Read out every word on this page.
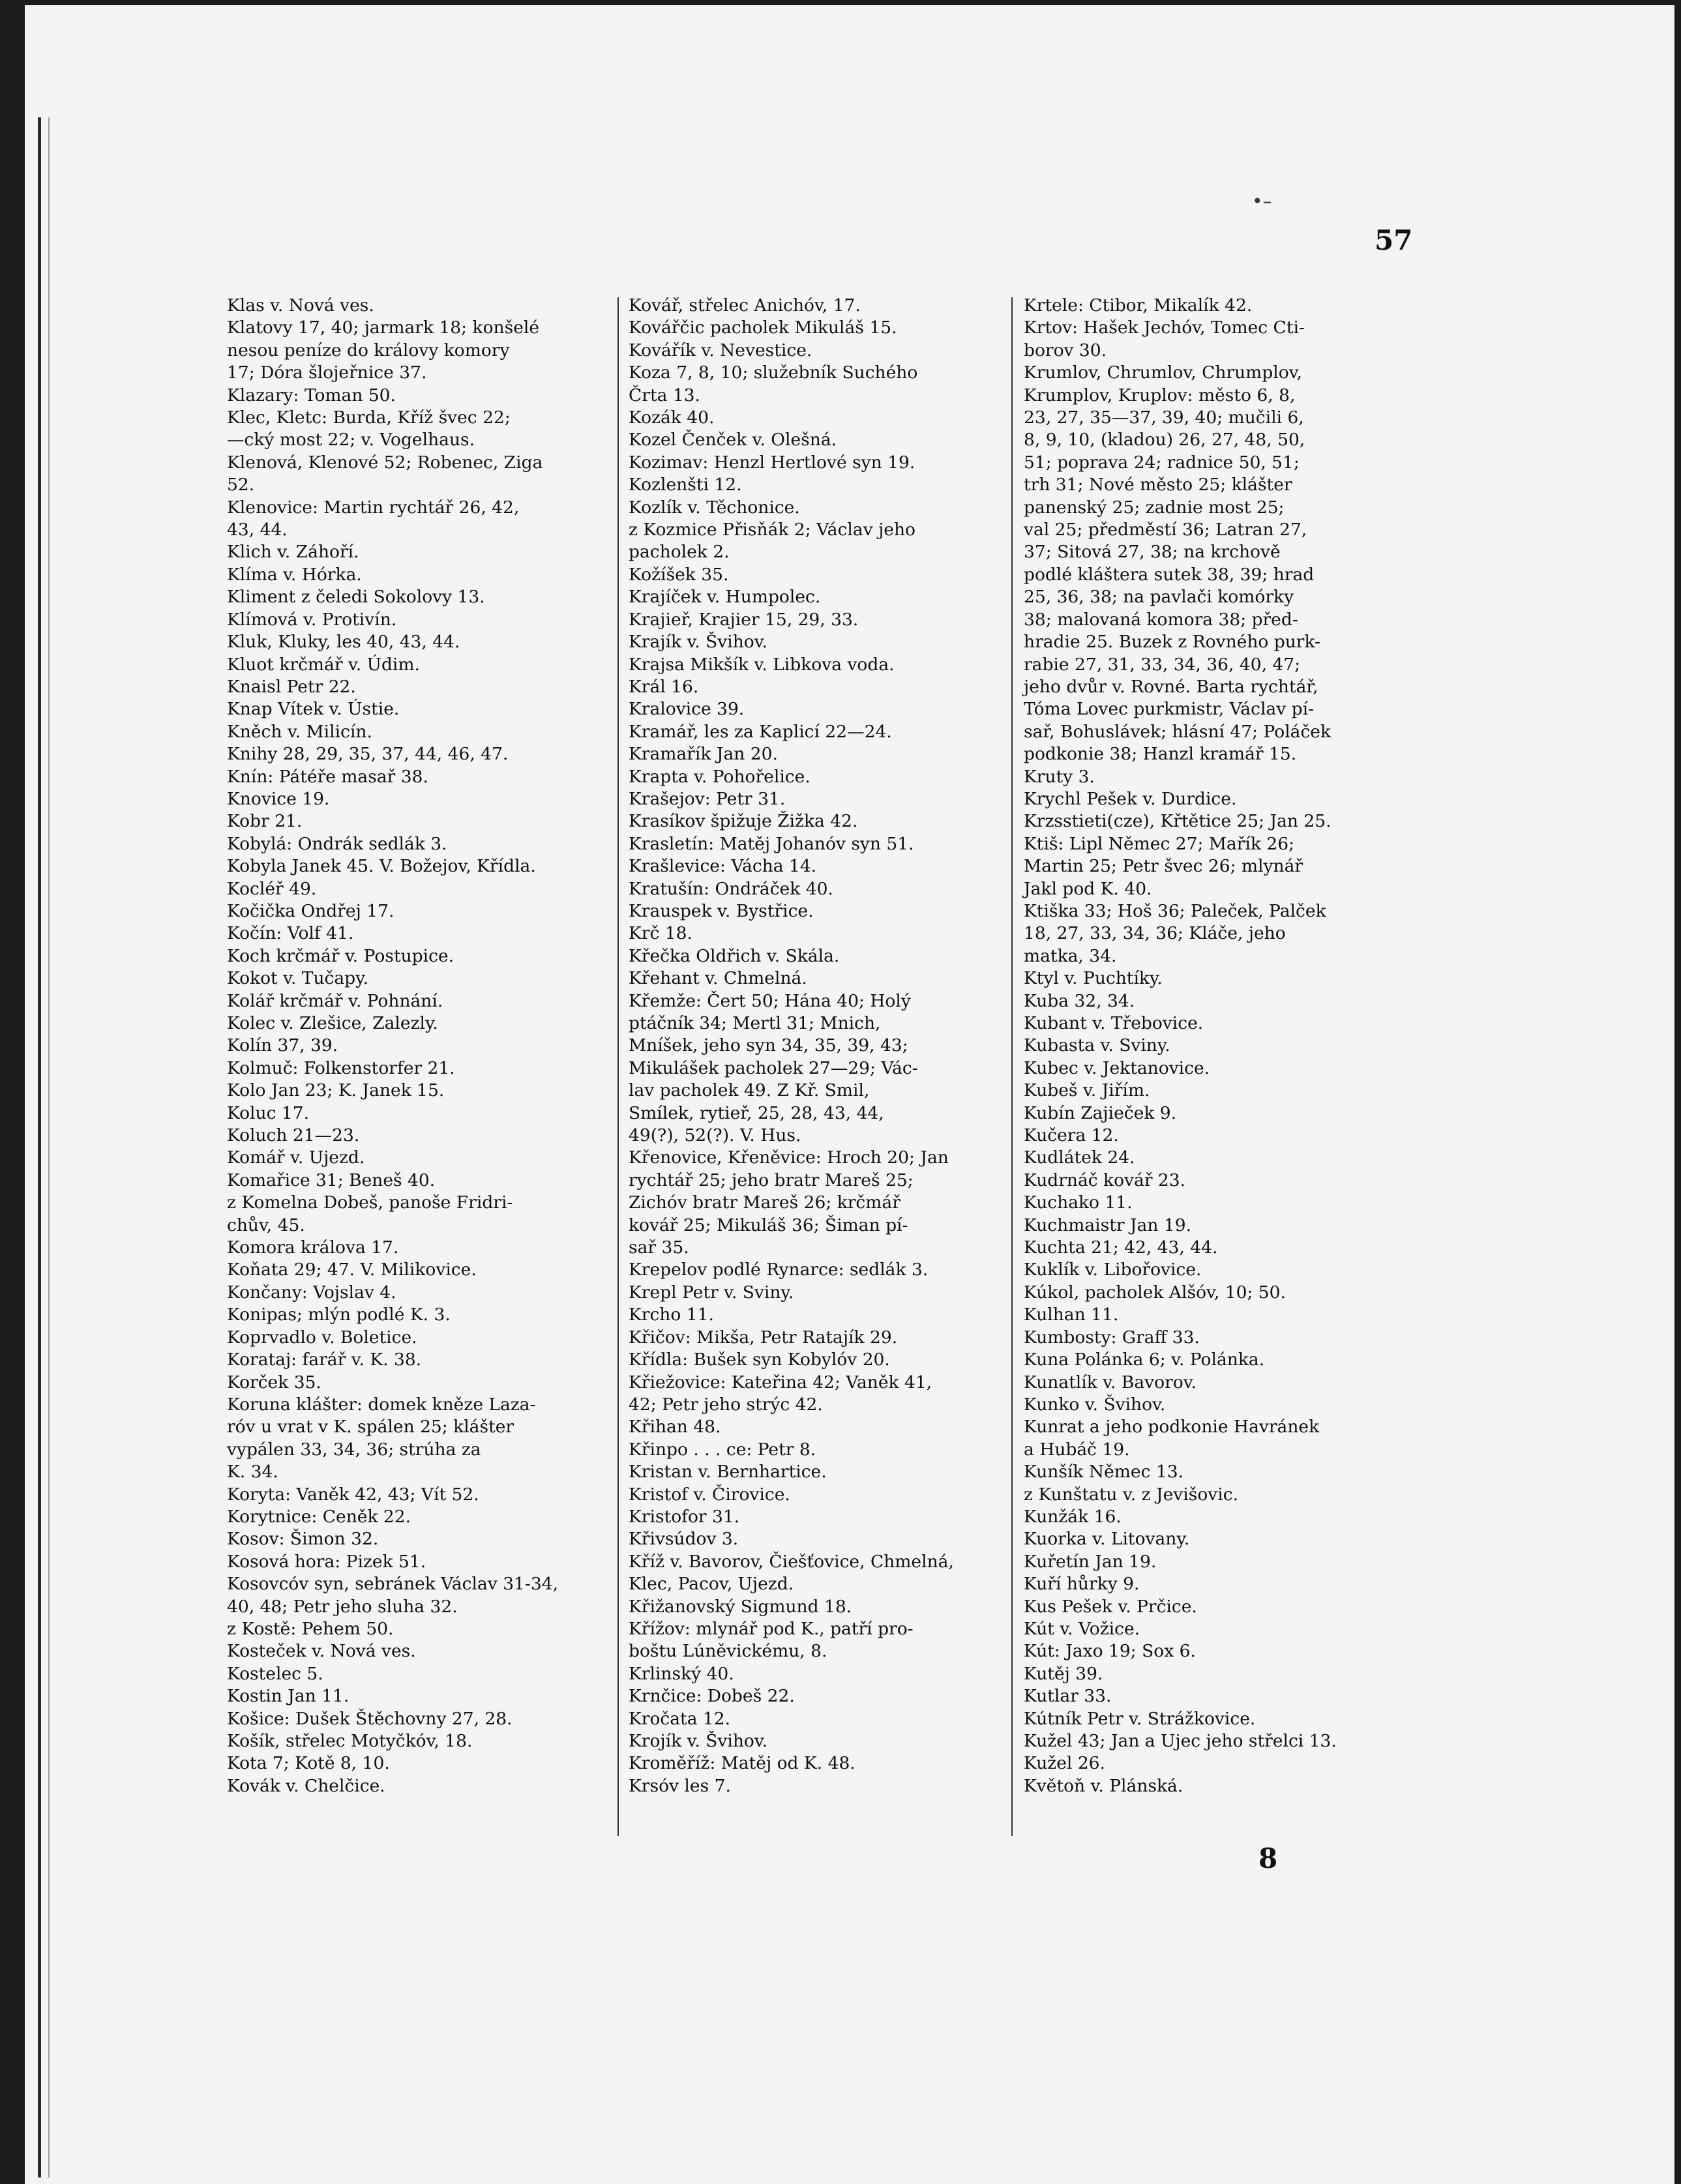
57
•–
Klas v. Nová ves.
Klatovy 17, 40; jarmark 18; konšelé
nesou peníze do královy komory
17; Dóra šlojeřnice 37.
Klazary: Toman 50.
Klec, Kletc: Burda, Kříž švec 22;
—cký most 22; v. Vogelhaus.
Klenová, Klenové 52; Robenec, Ziga
52.
Klenovice: Martin rychtář 26, 42,
43, 44.
Klich v. Záhoří.
Klíma v. Hórka.
Kliment z čeledi Sokolovy 13.
Klímová v. Protivín.
Kluk, Kluky, les 40, 43, 44.
Kluot krčmář v. Údim.
Knaisl Petr 22.
Knap Vítek v. Ústie.
Kněch v. Milicín.
Knihy 28, 29, 35, 37, 44, 46, 47.
Knín: Pátéře masař 38.
Knovice 19.
Kobr 21.
Kobylá: Ondrák sedlák 3.
Kobyla Janek 45. V. Božejov, Křídla.
Kocléř 49.
Kočička Ondřej 17.
Kočín: Volf 41.
Koch krčmář v. Postupice.
Kokot v. Tučapy.
Kolář krčmář v. Pohnání.
Kolec v. Zlešice, Zalezly.
Kolín 37, 39.
Kolmuč: Folkenstorfer 21.
Kolo Jan 23; K. Janek 15.
Koluc 17.
Koluch 21—23.
Komář v. Ujezd.
Komařice 31; Beneš 40.
z Komelna Dobeš, panoše Fridri-
chův, 45.
Komora králova 17.
Koňata 29; 47. V. Milikovice.
Končany: Vojslav 4.
Konipas; mlýn podlé K. 3.
Koprvadlo v. Boletice.
Korataj: farář v. K. 38.
Korček 35.
Koruna klášter: domek kněze Laza-
róv u vrat v K. spálen 25; klášter
vypálen 33, 34, 36; strúha za
K. 34.
Koryta: Vaněk 42, 43; Vít 52.
Korytnice: Ceněk 22.
Kosov: Šimon 32.
Kosová hora: Pizek 51.
Kosovcóv syn, sebránek Václav 31-34,
40, 48; Petr jeho sluha 32.
z Kostě: Pehem 50.
Kosteček v. Nová ves.
Kostelec 5.
Kostin Jan 11.
Košice: Dušek Štěchovny 27, 28.
Košík, střelec Motyčkóv, 18.
Kota 7; Kotě 8, 10.
Kovák v. Chelčice.
Kovář, střelec Anichóv, 17.
Kovářčic pacholek Mikuláš 15.
Kovářík v. Nevestice.
Koza 7, 8, 10; služebník Suchého
Črta 13.
Kozák 40.
Kozel Čenček v. Olešná.
Kozimav: Henzl Hertlové syn 19.
Kozlenšti 12.
Kozlík v. Těchonice.
z Kozmice Přisňák 2; Václav jeho
pacholek 2.
Kožíšek 35.
Krajíček v. Humpolec.
Krajieř, Krajier 15, 29, 33.
Krajík v. Švihov.
Krajsa Mikšík v. Libkova voda.
Král 16.
Kralovice 39.
Kramář, les za Kaplicí 22—24.
Kramařík Jan 20.
Krapta v. Pohořelice.
Krašejov: Petr 31.
Krasíkov špižuje Žižka 42.
Krasletín: Matěj Johanóv syn 51.
Krašlevice: Vácha 14.
Kratušín: Ondráček 40.
Krauspek v. Bystřice.
Krč 18.
Křečka Oldřich v. Skála.
Křehant v. Chmelná.
Křemže: Čert 50; Hána 40; Holý
ptáčník 34; Mertl 31; Mnich,
Mníšek, jeho syn 34, 35, 39, 43;
Mikulášek pacholek 27—29; Vác-
lav pacholek 49. Z Kř. Smil,
Smílek, rytieř, 25, 28, 43, 44,
49(?), 52(?). V. Hus.
Křenovice, Křeněvice: Hroch 20; Jan
rychtář 25; jeho bratr Mareš 25;
Zichóv bratr Mareš 26; krčmář
kovář 25; Mikuláš 36; Šiman pí-
sař 35.
Krepelov podlé Rynarce: sedlák 3.
Krepl Petr v. Sviny.
Krcho 11.
Křičov: Mikša, Petr Ratajík 29.
Křídla: Bušek syn Kobylóv 20.
Křiežovice: Kateřina 42; Vaněk 41,
42; Petr jeho strýc 42.
Křihan 48.
Křinpo . . . ce: Petr 8.
Kristan v. Bernhartice.
Kristof v. Čirovice.
Kristofor 31.
Křivsúdov 3.
Kříž v. Bavorov, Čiešťovice, Chmelná,
Klec, Pacov, Ujezd.
Křižanovský Sigmund 18.
Křížov: mlynář pod K., patří pro-
boštu Lúněvickému, 8.
Krlinský 40.
Krnčice: Dobeš 22.
Kročata 12.
Krojík v. Švihov.
Kroměříž: Matěj od K. 48.
Krsóv les 7.
Krtele: Ctibor, Mikalík 42.
Krtov: Hašek Jechóv, Tomec Cti-
borov 30.
Krumlov, Chrumlov, Chrumplov,
Krumplov, Kruplov: město 6, 8,
23, 27, 35—37, 39, 40; mučili 6,
8, 9, 10, (kladou) 26, 27, 48, 50,
51; poprava 24; radnice 50, 51;
trh 31; Nové město 25; klášter
panenský 25; zadnie most 25;
val 25; předměstí 36; Latran 27,
37; Sitová 27, 38; na krchově
podlé kláštera sutek 38, 39; hrad
25, 36, 38; na pavlači komórky
38; malovaná komora 38; před-
hradie 25. Buzek z Rovného purk-
rabie 27, 31, 33, 34, 36, 40, 47;
jeho dvůr v. Rovné. Barta rychtář,
Tóma Lovec purkmistr, Václav pí-
sař, Bohuslávek; hlásní 47; Poláček
podkonie 38; Hanzl kramář 15.
Kruty 3.
Krychl Pešek v. Durdice.
Krzsstieti(cze), Křtětice 25; Jan 25.
Ktiš: Lipl Němec 27; Mařík 26;
Martin 25; Petr švec 26; mlynář
Jakl pod K. 40.
Ktiška 33; Hoš 36; Paleček, Palček
18, 27, 33, 34, 36; Kláče, jeho
matka, 34.
Ktyl v. Puchtíky.
Kuba 32, 34.
Kubant v. Třebovice.
Kubasta v. Sviny.
Kubec v. Jektanovice.
Kubeš v. Jiřím.
Kubín Zajieček 9.
Kučera 12.
Kudlátek 24.
Kudrnáč kovář 23.
Kuchako 11.
Kuchmaistr Jan 19.
Kuchta 21; 42, 43, 44.
Kuklík v. Libořovice.
Kúkol, pacholek Alšóv, 10; 50.
Kulhan 11.
Kumbosty: Graff 33.
Kuna Polánka 6; v. Polánka.
Kunatlík v. Bavorov.
Kunko v. Švihov.
Kunrat a jeho podkonie Havránek
a Hubáč 19.
Kunšík Němec 13.
z Kunštatu v. z Jevišovic.
Kunžák 16.
Kuorka v. Litovany.
Kuřetín Jan 19.
Kuří hůrky 9.
Kus Pešek v. Prčice.
Kút v. Vožice.
Kút: Jaxo 19; Sox 6.
Kutěj 39.
Kutlar 33.
Kútník Petr v. Strážkovice.
Kužel 43; Jan a Ujec jeho střelci 13.
Kužel 26.
Květoň v. Plánská.
8
